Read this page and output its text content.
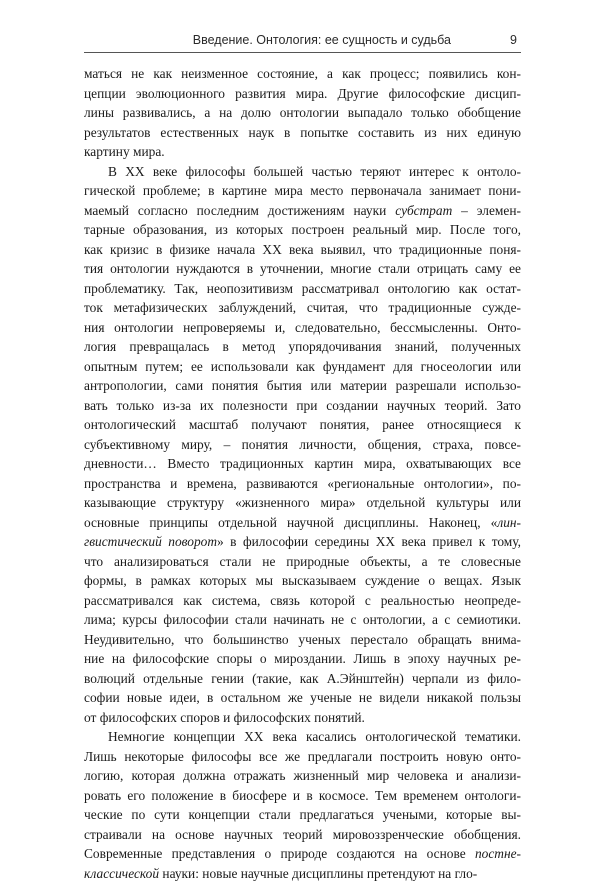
Введение. Онтология: ее сущность и судьба	9

маться не как неизменное состояние, а как процесс; появились кон-
цепции эволюционного развития мира. Другие философские дисцип-
лины развивались, а на долю онтологии выпадало только обобщение
результатов естественных наук в попытке составить из них единую
картину мира.

В XX веке философы большей частью теряют интерес к онтоло-
гической проблеме; в картине мира место первоначала занимает пони-
маемый согласно последним достижениям науки субстрат – элемен-
тарные образования, из которых построен реальный мир. После того,
как кризис в физике начала XX века выявил, что традиционные поня-
тия онтологии нуждаются в уточнении, многие стали отрицать саму ее
проблематику. Так, неопозитивизм рассматривал онтологию как остат-
ток метафизических заблуждений, считая, что традиционные сужде-
ния онтологии непроверяемы и, следовательно, бессмысленны. Онто-
логия превращалась в метод упорядочивания знаний, полученных
опытным путем; ее использовали как фундамент для гносеологии или
антропологии, сами понятия бытия или материи разрешали использо-
вать только из-за их полезности при создании научных теорий. Зато
онтологический масштаб получают понятия, ранее относящиеся к
субъективному миру, – понятия личности, общения, страха, повсе-
дневности… Вместо традиционных картин мира, охватывающих все
пространства и времена, развиваются «региональные онтологии», по-
казывающие структуру «жизненного мира» отдельной культуры или
основные принципы отдельной научной дисциплины. Наконец, «лин-
гвистический поворот» в философии середины XX века привел к тому,
что анализироваться стали не природные объекты, а те словесные
формы, в рамках которых мы высказываем суждение о вещах. Язык
рассматривался как система, связь которой с реальностью неопреде-
лима; курсы философии стали начинать не с онтологии, а с семиотики.
Неудивительно, что большинство ученых перестало обращать внима-
ние на философские споры о мироздании. Лишь в эпоху научных ре-
волюций отдельные гении (такие, как А.Эйнштейн) черпали из фило-
софии новые идеи, в остальном же ученые не видели никакой пользы
от философских споров и философских понятий.

Немногие концепции XX века касались онтологической тематики.
Лишь некоторые философы все же предлагали построить новую онто-
логию, которая должна отражать жизненный мир человека и анализи-
ровать его положение в биосфере и в космосе. Тем временем онтологи-
ческие по сути концепции стали предлагаться учеными, которые вы-
страивали на основе научных теорий мировоззренческие обобщения.
Современные представления о природе создаются на основе постне-
классической науки: новые научные дисциплины претендуют на гло-
